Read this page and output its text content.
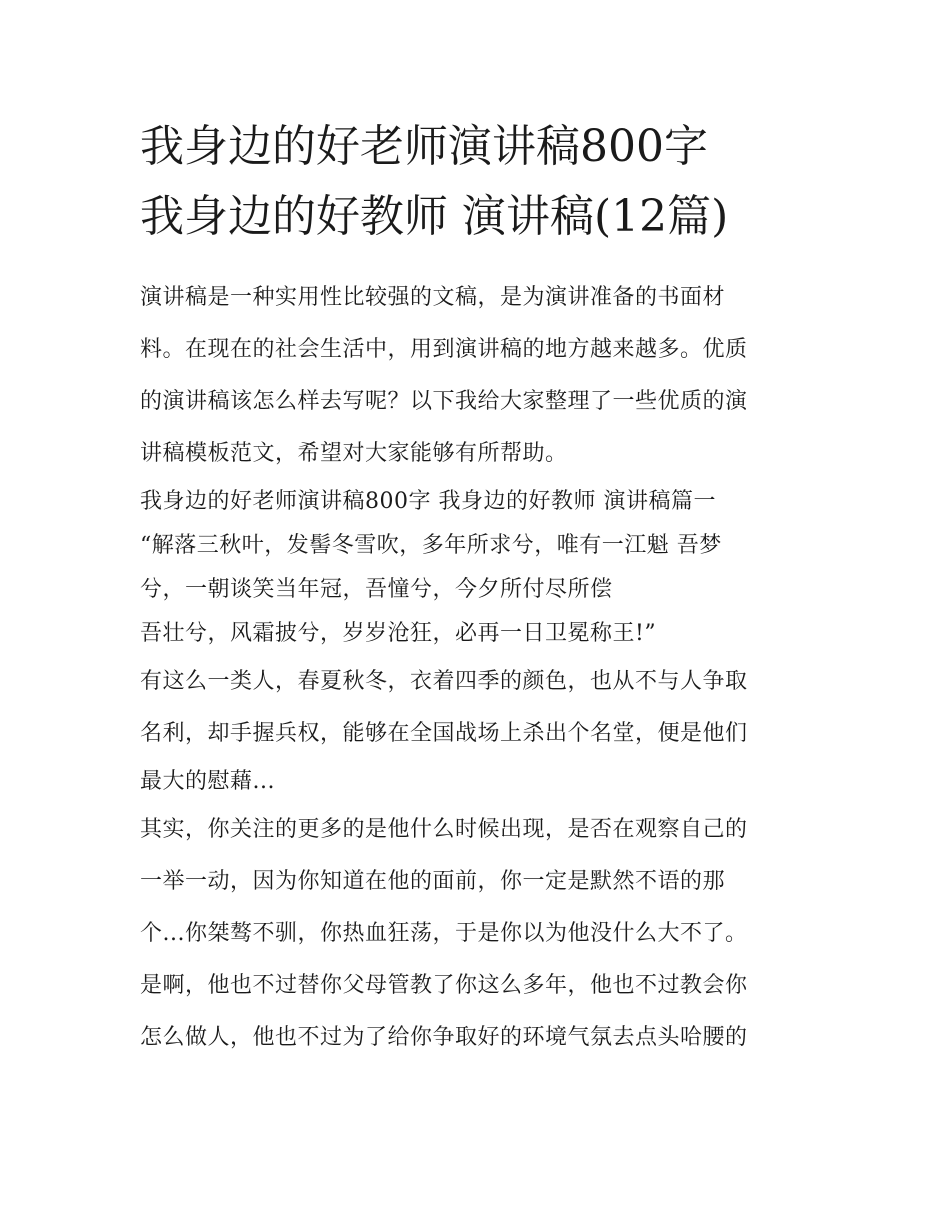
我身边的好老师演讲稿800字
我身边的好教师 演讲稿(12篇)
演讲稿是一种实用性比较强的文稿，是为演讲准备的书面材
料。在现在的社会生活中，用到演讲稿的地方越来越多。优质
的演讲稿该怎么样去写呢？以下我给大家整理了一些优质的演
讲稿模板范文，希望对大家能够有所帮助。
我身边的好老师演讲稿800字 我身边的好教师 演讲稿篇一
“解落三秋叶，发髻冬雪吹，多年所求兮，唯有一江魁 吾梦
兮，一朝谈笑当年冠，吾憧兮，今夕所付尽所偿
吾壮兮，风霜披兮，岁岁沧狂，必再一日卫冕称王!”
有这么一类人，春夏秋冬，衣着四季的颜色，也从不与人争取
名利，却手握兵权，能够在全国战场上杀出个名堂，便是他们
最大的慰藉...
其实，你关注的更多的是他什么时候出现，是否在观察自己的
一举一动，因为你知道在他的面前，你一定是默然不语的那
个...你桀骜不驯，你热血狂荡，于是你以为他没什么大不了。
是啊，他也不过替你父母管教了你这么多年，他也不过教会你
怎么做人，他也不过为了给你争取好的环境气氛去点头哈腰的
